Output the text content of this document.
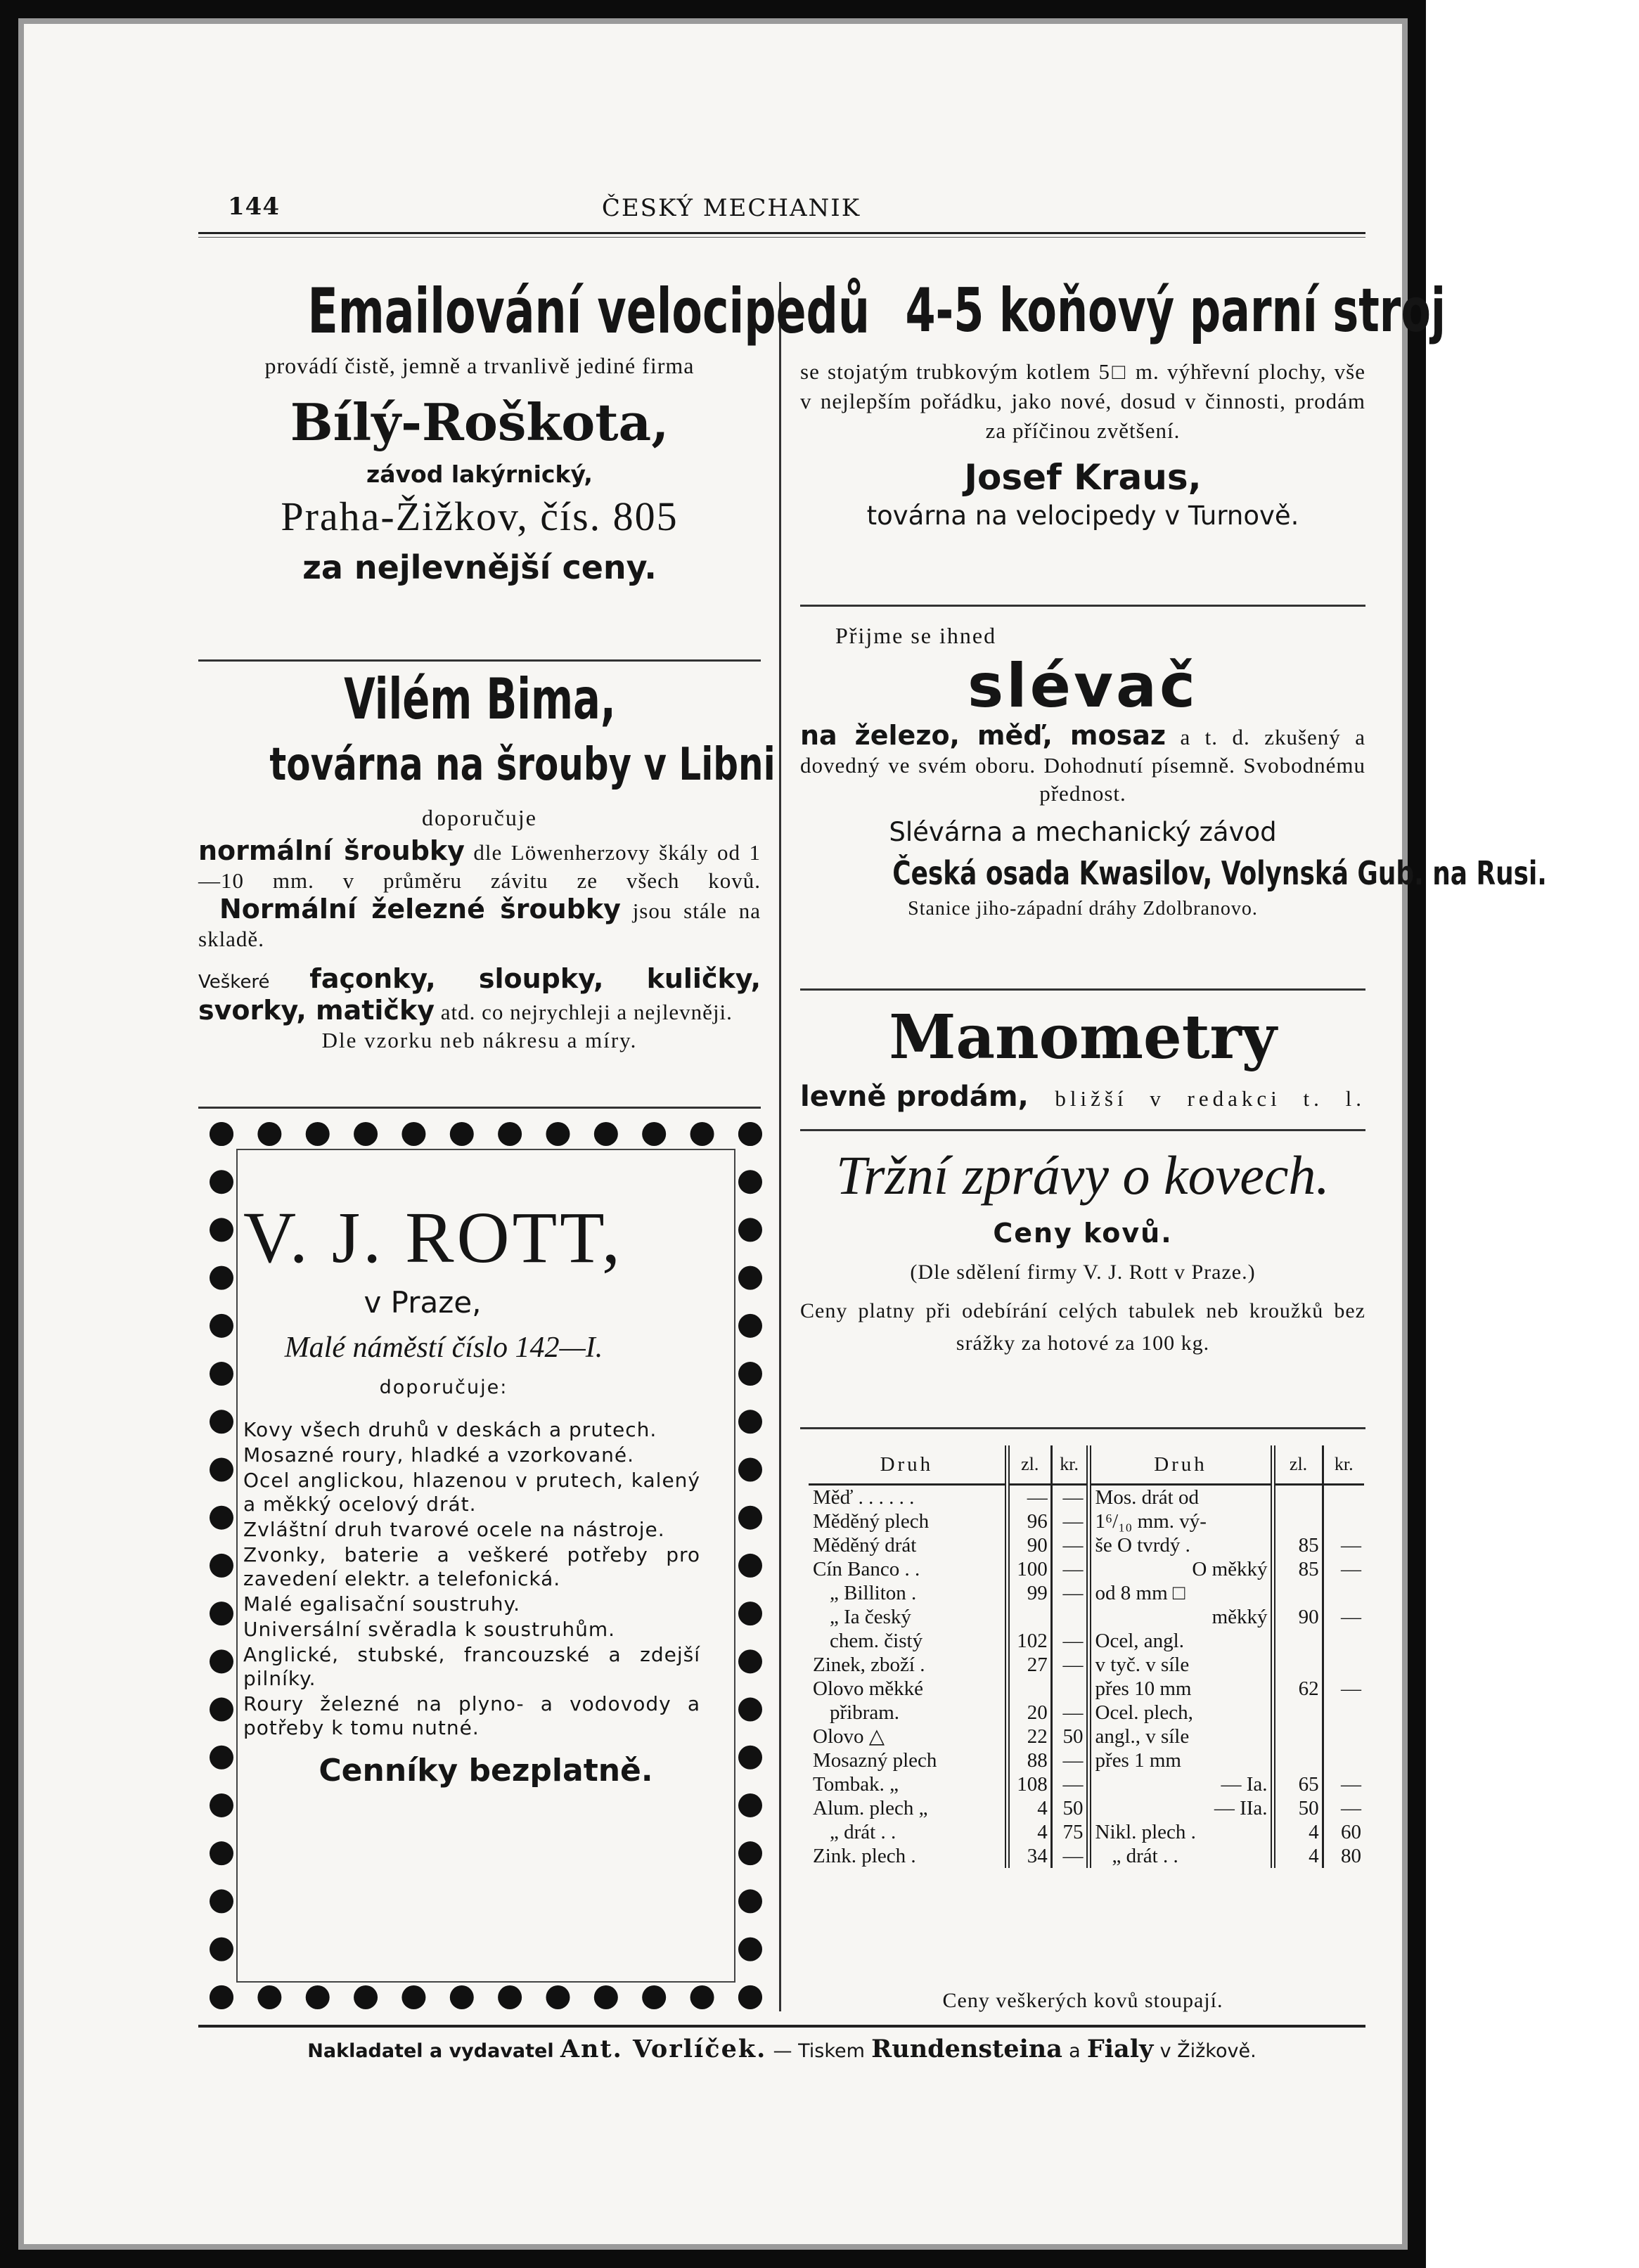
144	ČESKÝ MECHANIK
Emailování velocipedů
provádí čistě, jemně a trvanlivě jediné firma
Bílý-Roškota,
závod lakýrnický,
Praha-Žižkov, čís. 805
za nejlevnější ceny.
Vilém Bima,
továrna na šrouby v Libni
doporučuje
normální šroubky dle Löwenherzovy škály od 1—10 mm. v průměru závitu ze všech kovů. Normální železné šroubky jsou stále na skladě.
Veškeré façonky, sloupky, kuličky, svorky, matičky atd. co nejrychleji a nejlevněji.
Dle vzorku neb nákresu a míry.
V. J. ROTT,
v Praze,
Malé náměstí číslo 142—I.
doporučuje:
Kovy všech druhů v deskách a prutech.
Mosazné roury, hladké a vzorkované.
Ocel anglickou, hlazenou v prutech, kalený a měkký ocelový drát.
Zvláštní druh tvarové ocele na nástroje.
Zvonky, baterie a veškeré potřeby pro zavedení elektr. a telefonická.
Malé egalisační soustruhy.
Universální svěradla k soustruhům.
Anglické, stubské, francouzské a zdejší pilníky.
Roury železné na plyno- a vodovody a potřeby k tomu nutné.
Cenníky bezplatně.
4-5 koňový parní stroj
se stojatým trubkovým kotlem 5□ m. výhřevní plochy, vše v nejlepším pořádku, jako nové, dosud v činnosti, prodám za příčinou zvětšení.
Josef Kraus,
továrna na velocipedy v Turnově.
Přijme se ihned
slévač
na železo, měď, mosaz a t. d. zkušený a dovedný ve svém oboru. Dohodnutí písemně. Svobodnému přednost.
Slévárna a mechanický závod
Česká osada Kwasilov, Volynská Gub. na Rusi.
Stanice jiho-západní dráhy Zdolbranovo.
Manometry
levně prodám, bližší v redakci t. l.
Tržní zprávy o kovech.
Ceny kovů.
(Dle sdělení firmy V. J. Rott v Praze.)
Ceny platny při odebírání celých tabulek neb kroužků bez srážky za hotové za 100 kg.
Druh	zl.	kr.	Druh	zl.	kr.
Měď . . . . . .	—	—	Mos. drát od		
Měděný plech	96	—	1⁶/₁₀ mm. vý-		
Měděný drát	90	—	še O tvrdý .	85	—
Cín Banco . .	100	—	O měkký	85	—
„ Billiton .	99	—	od 8 mm □		
„ Ia český			měkký	90	—
chem. čistý	102	—	Ocel, angl.		
Zinek, zboží .	27	—	v tyč. v síle		
Olovo měkké			přes 10 mm	62	—
přibram.	20	—	Ocel. plech,		
Olovo △	22	50	angl., v síle		
Mosazný plech	88	—	přes 1 mm		
Tombak. „	108	—	— Ia.	65	—
Alum. plech „	4	50	— IIa.	50	—
„ drát . .	4	75	Nikl. plech .	4	60
Zink. plech .	34	—	„ drát . .	4	80
Ceny veškerých kovů stoupají.
Nakladatel a vydavatel Ant. Vorlíček. — Tiskem Rundensteina a Fialy v Žižkově.
